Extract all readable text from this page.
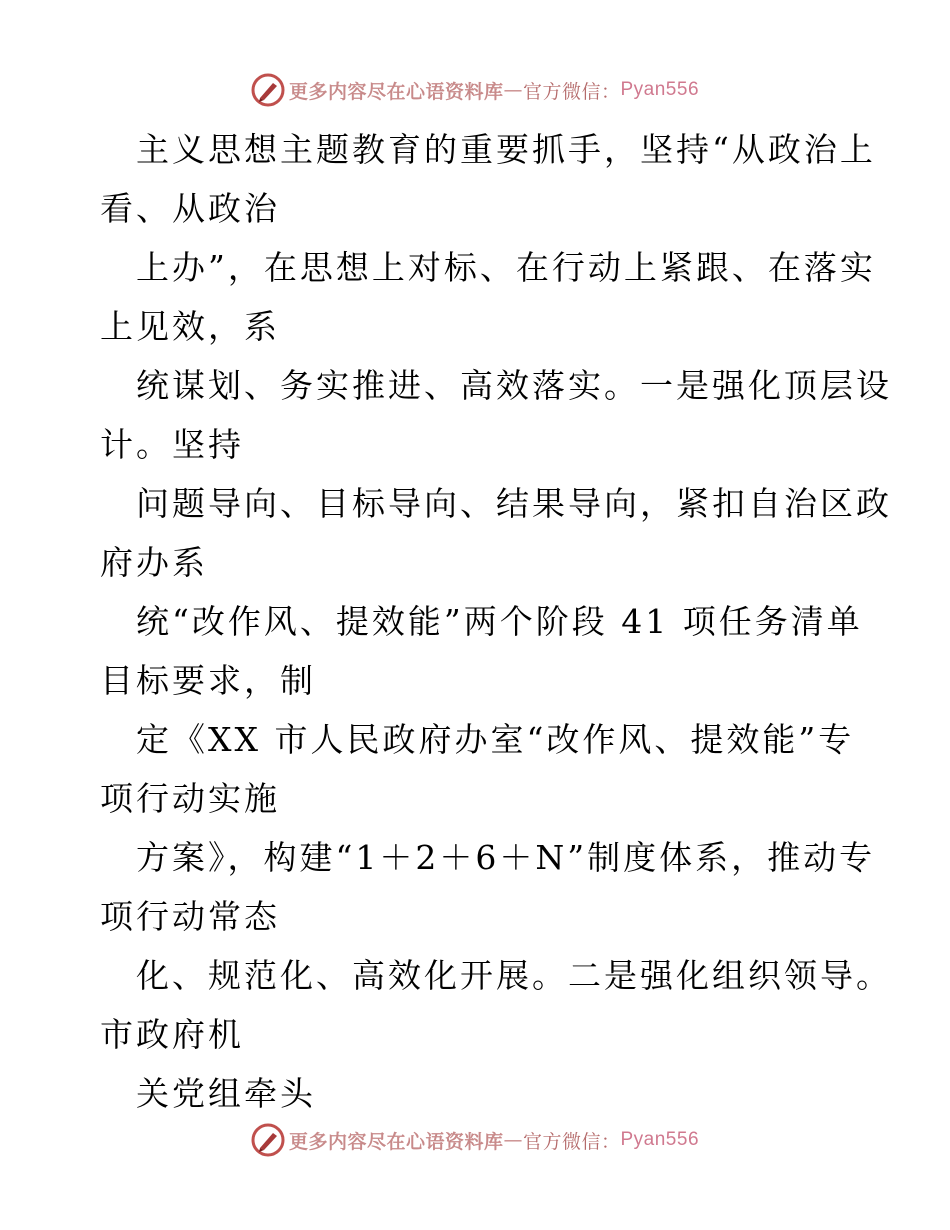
更多内容尽在心语资料库 — 官方微信： Pyan556
主义思想主题教育的重要抓手，坚持“从政治上
看、从政治
上办”，在思想上对标、在行动上紧跟、在落实
上见效，系
统谋划、务实推进、高效落实。一是强化顶层设
计。坚持
问题导向、目标导向、结果导向，紧扣自治区政
府办系
统“改作风、提效能”两个阶段 41 项任务清单
目标要求，制
定《XX 市人民政府办室“改作风、提效能”专
项行动实施
方案》，构建“1＋2＋6＋N”制度体系，推动专
项行动常态
化、规范化、高效化开展。二是强化组织领导。
市政府机
关党组牵头
更多内容尽在心语资料库 — 官方微信： Pyan556
